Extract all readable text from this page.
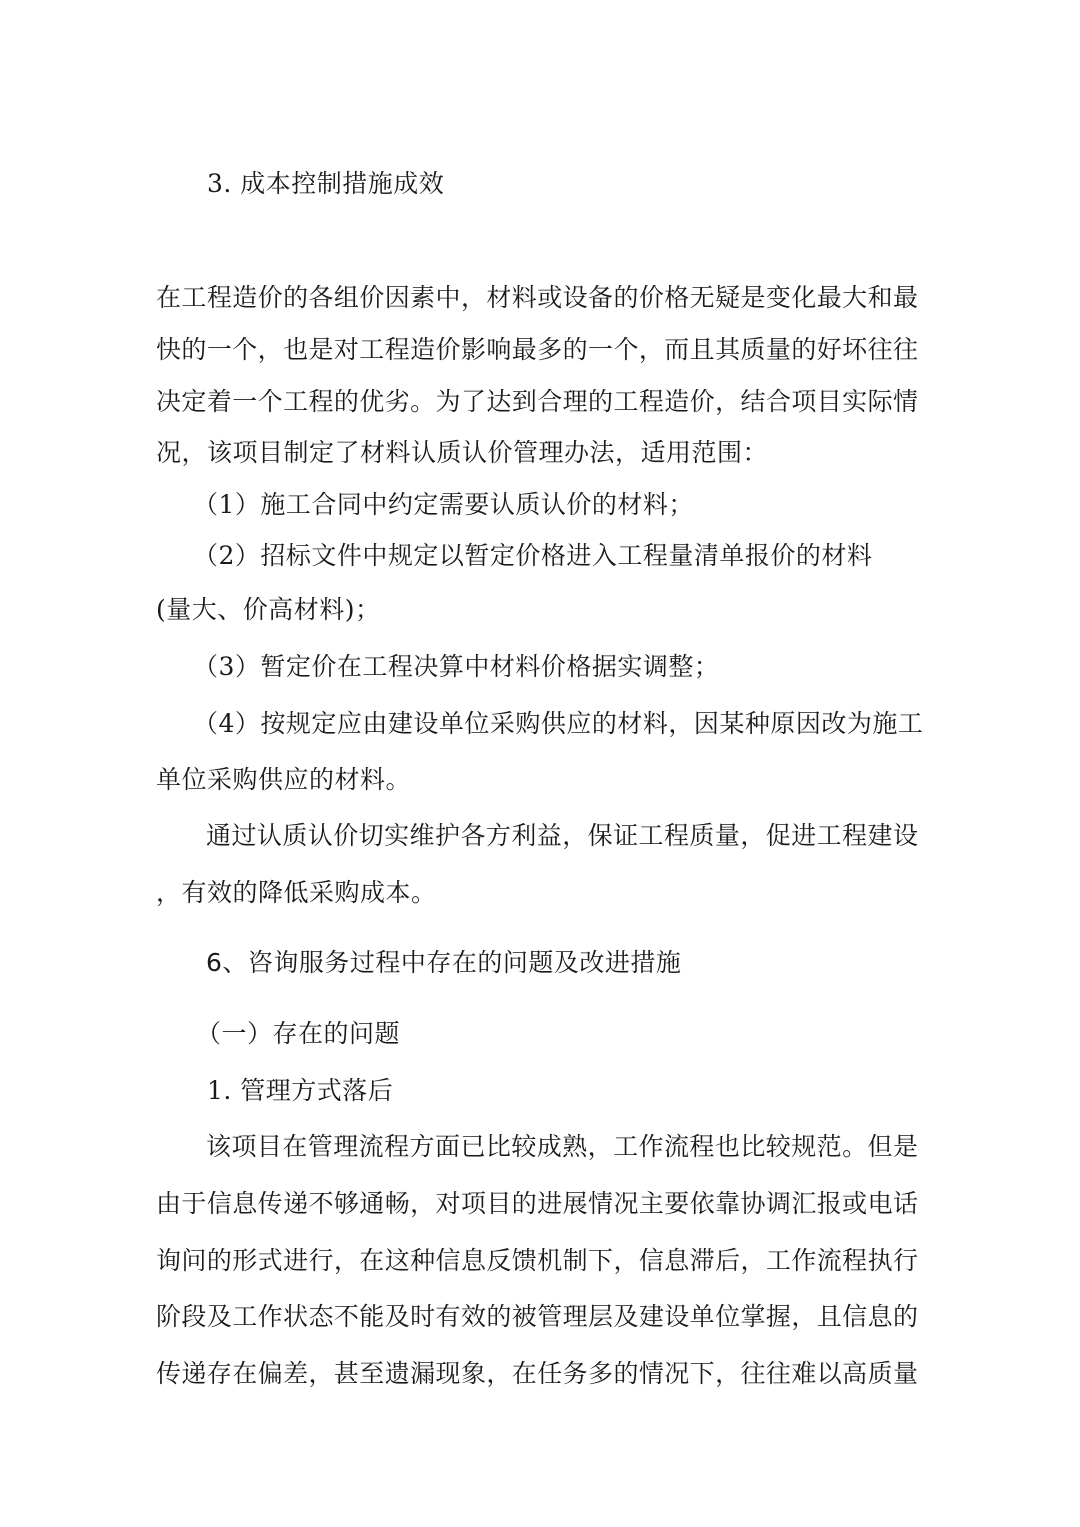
3. 成本控制措施成效
在工程造价的各组价因素中，材料或设备的价格无疑是变化最大和最
快的一个，也是对工程造价影响最多的一个，而且其质量的好坏往往
决定着一个工程的优劣。为了达到合理的工程造价，结合项目实际情
况，该项目制定了材料认质认价管理办法，适用范围：
（1）施工合同中约定需要认质认价的材料；
（2）招标文件中规定以暂定价格进入工程量清单报价的材料
(量大、价高材料)；
（3）暂定价在工程决算中材料价格据实调整；
（4）按规定应由建设单位采购供应的材料，因某种原因改为施工
单位采购供应的材料。
通过认质认价切实维护各方利益，保证工程质量，促进工程建设
，有效的降低采购成本。
6、咨询服务过程中存在的问题及改进措施
（一）存在的问题
1. 管理方式落后
该项目在管理流程方面已比较成熟，工作流程也比较规范。但是
由于信息传递不够通畅，对项目的进展情况主要依靠协调汇报或电话
询问的形式进行，在这种信息反馈机制下，信息滞后，工作流程执行
阶段及工作状态不能及时有效的被管理层及建设单位掌握，且信息的
传递存在偏差，甚至遗漏现象，在任务多的情况下，往往难以高质量
